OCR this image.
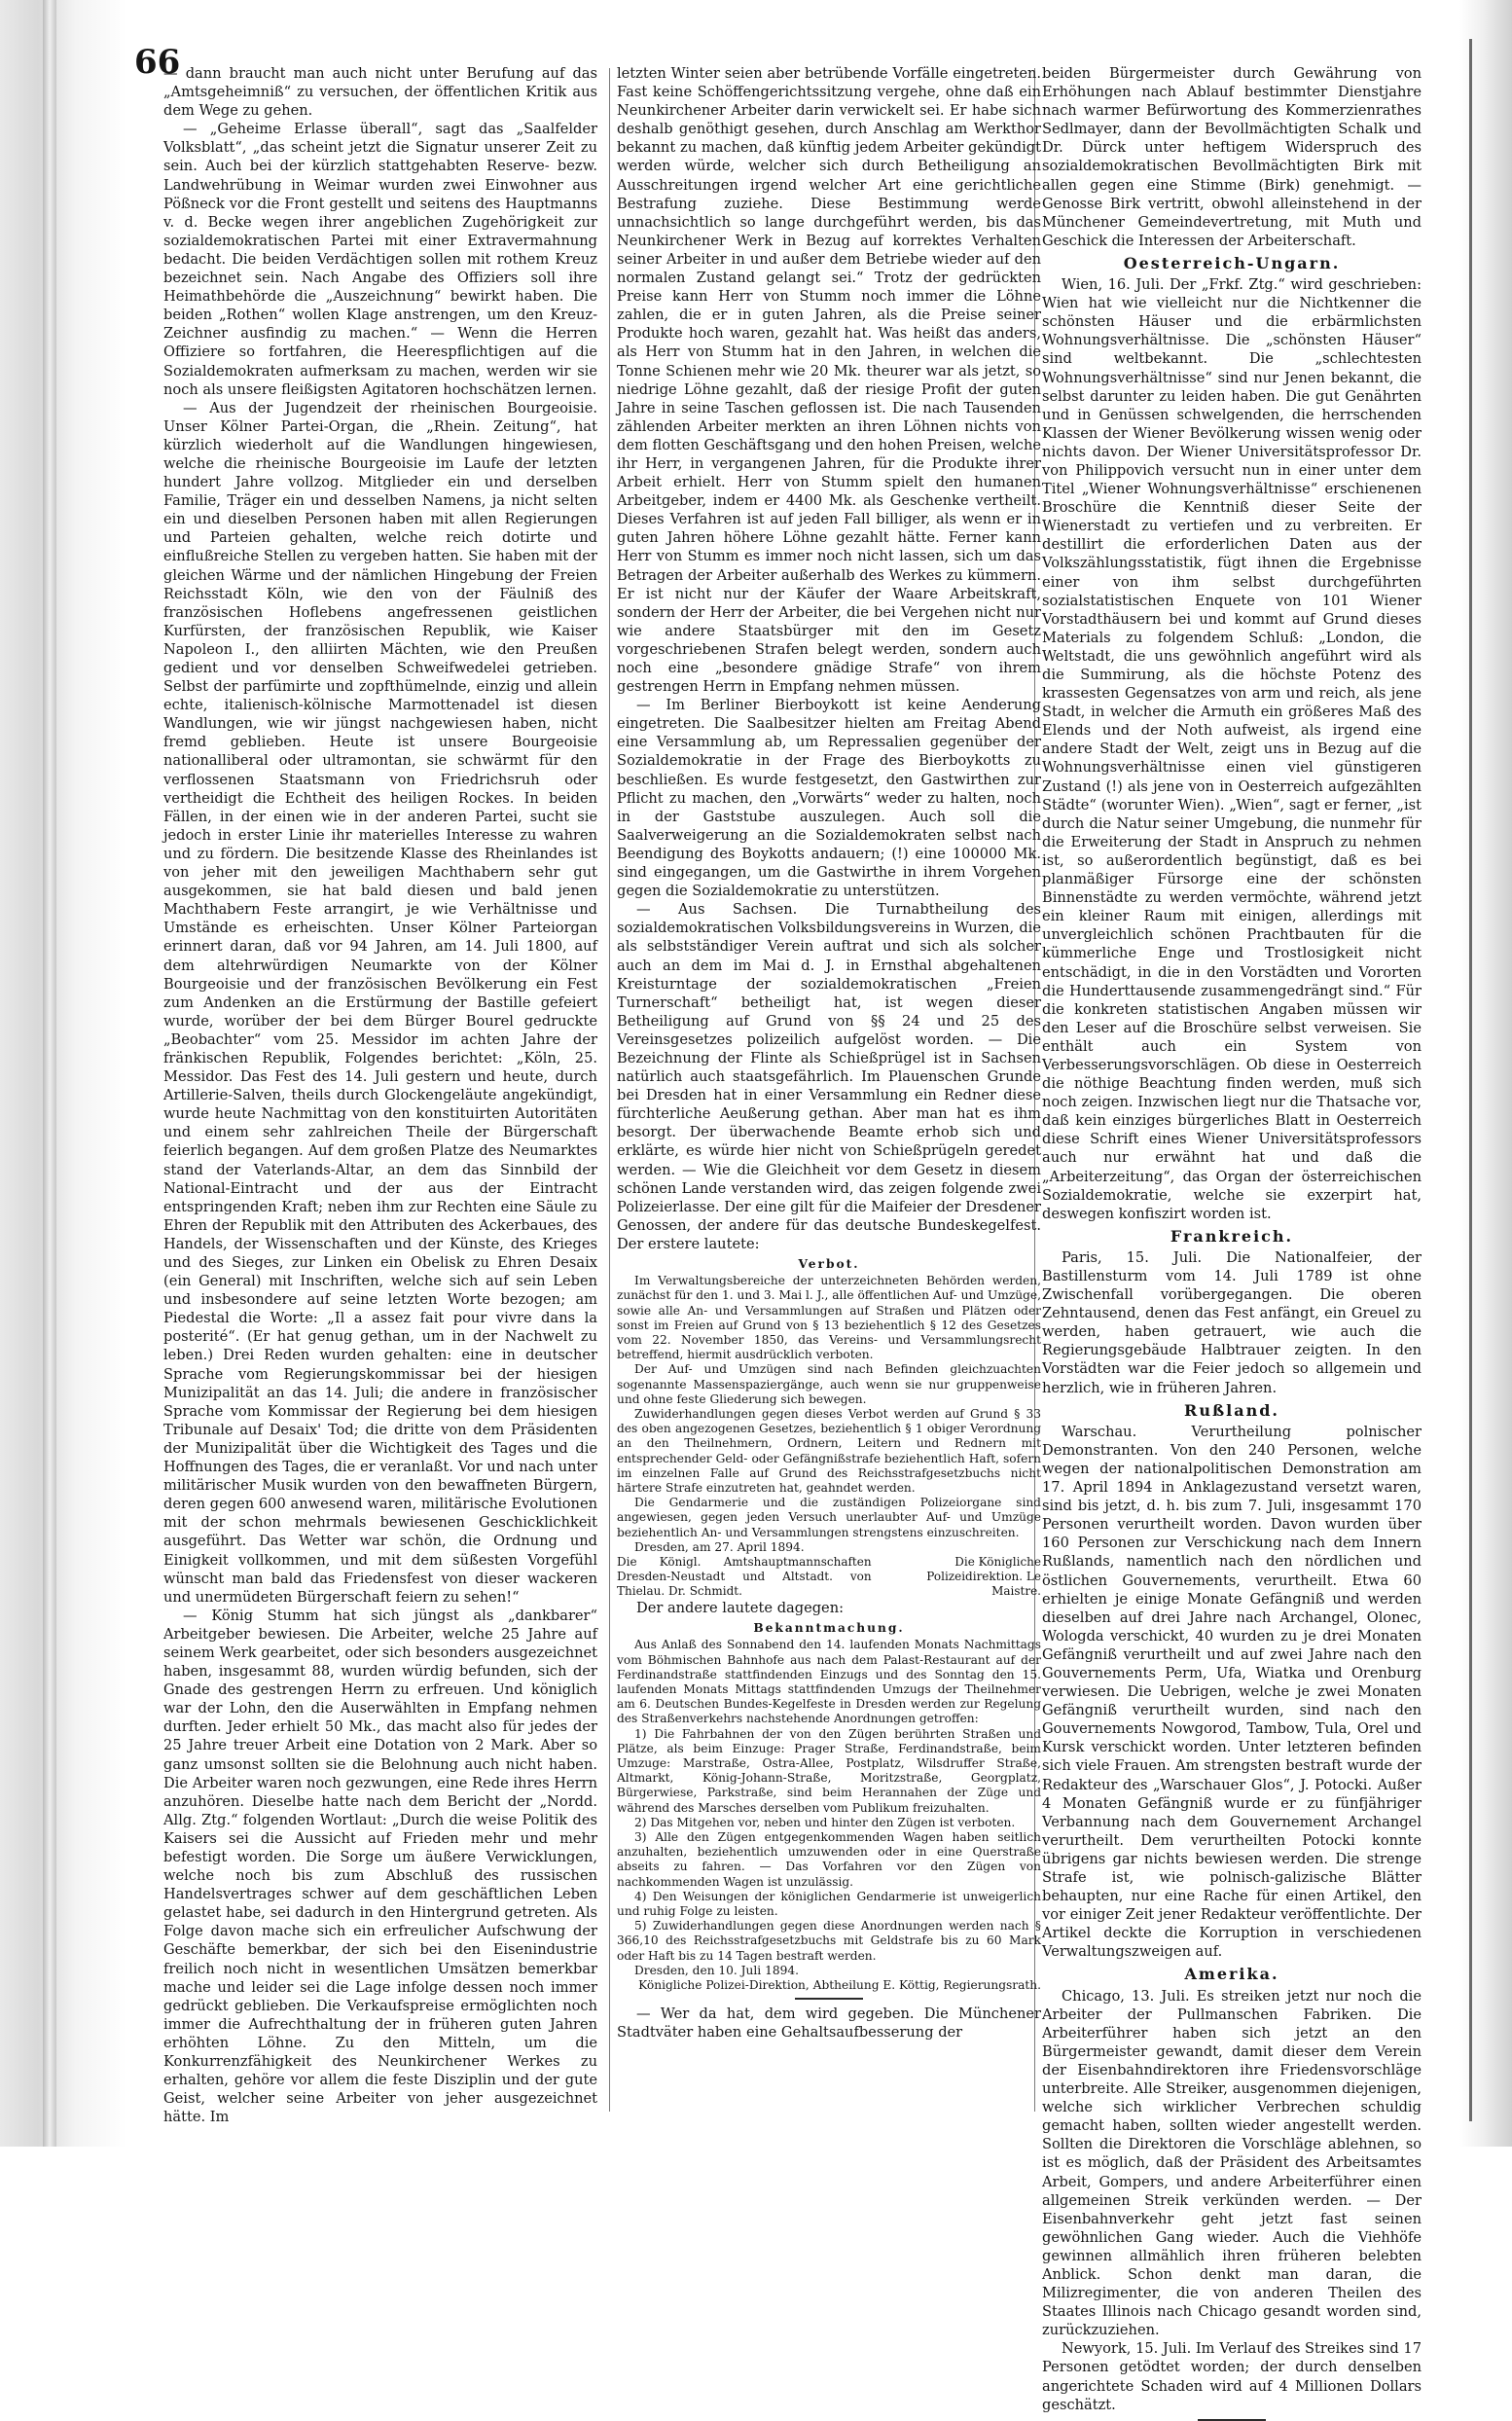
66

— dann braucht man auch nicht unter Berufung auf das „Amtsgeheimniß“ zu versuchen, der öffentlichen Kritik aus dem Wege zu gehen.

— „Geheime Erlasse überall“, sagt das „Saalfelder Volksblatt“, „das scheint jetzt die Signatur unserer Zeit zu sein. Auch bei der kürzlich stattgehabten Reserve- bezw. Landwehrübung in Weimar wurden zwei Einwohner aus Pößneck vor die Front gestellt und seitens des Hauptmanns v. d. Becke wegen ihrer angeblichen Zugehörigkeit zur sozialdemokratischen Partei mit einer Extravermahnung bedacht. Die beiden Verdächtigen sollen mit rothem Kreuz bezeichnet sein. Nach Angabe des Offiziers soll ihre Heimathbehörde die „Auszeichnung“ bewirkt haben. Die beiden „Rothen“ wollen Klage anstrengen, um den Kreuz-Zeichner ausfindig zu machen.“ — Wenn die Herren Offiziere so fortfahren, die Heerespflichtigen auf die Sozialdemokraten aufmerksam zu machen, werden wir sie noch als unsere fleißigsten Agitatoren hochschätzen lernen.

— Aus der Jugendzeit der rheinischen Bourgeoisie. Unser Kölner Partei-Organ, die „Rhein. Zeitung“, hat kürzlich wiederholt auf die Wandlungen hingewiesen, welche die rheinische Bourgeoisie im Laufe der letzten hundert Jahre vollzog. Mitglieder ein und derselben Familie, Träger ein und desselben Namens, ja nicht selten ein und dieselben Personen haben mit allen Regierungen und Parteien gehalten, welche reich dotirte und einflußreiche Stellen zu vergeben hatten. Sie haben mit der gleichen Wärme und der nämlichen Hingebung der Freien Reichsstadt Köln, wie den von der Fäulniß des französischen Hoflebens angefressenen geistlichen Kurfürsten, der französischen Republik, wie Kaiser Napoleon I., den alliirten Mächten, wie den Preußen gedient und vor denselben Schweifwedelei getrieben. Selbst der parfümirte und zopfthümelnde, einzig und allein echte, italienisch-kölnische Marmottenadel ist diesen Wandlungen, wie wir jüngst nachgewiesen haben, nicht fremd geblieben. Heute ist unsere Bourgeoisie nationalliberal oder ultramontan, sie schwärmt für den verflossenen Staatsmann von Friedrichsruh oder vertheidigt die Echtheit des heiligen Rockes. In beiden Fällen, in der einen wie in der anderen Partei, sucht sie jedoch in erster Linie ihr materielles Interesse zu wahren und zu fördern. Die besitzende Klasse des Rheinlandes ist von jeher mit den jeweiligen Machthabern sehr gut ausgekommen, sie hat bald diesen und bald jenen Machthabern Feste arrangirt, je wie Verhältnisse und Umstände es erheischten. Unser Kölner Parteiorgan erinnert daran, daß vor 94 Jahren, am 14. Juli 1800, auf dem altehrwürdigen Neumarkte von der Kölner Bourgeoisie und der französischen Bevölkerung ein Fest zum Andenken an die Erstürmung der Bastille gefeiert wurde, worüber der bei dem Bürger Bourel gedruckte „Beobachter“ vom 25. Messidor im achten Jahre der fränkischen Republik, Folgendes berichtet: „Köln, 25. Messidor. Das Fest des 14. Juli gestern und heute, durch Artillerie-Salven, theils durch Glockengeläute angekündigt, wurde heute Nachmittag von den konstituirten Autoritäten und einem sehr zahlreichen Theile der Bürgerschaft feierlich begangen. Auf dem großen Platze des Neumarktes stand der Vaterlands-Altar, an dem das Sinnbild der National-Eintracht und der aus der Eintracht entspringenden Kraft; neben ihm zur Rechten eine Säule zu Ehren der Republik mit den Attributen des Ackerbaues, des Handels, der Wissenschaften und der Künste, des Krieges und des Sieges, zur Linken ein Obelisk zu Ehren Desaix (ein General) mit Inschriften, welche sich auf sein Leben und insbesondere auf seine letzten Worte bezogen; am Piedestal die Worte: „Il a assez fait pour vivre dans la posterité“. (Er hat genug gethan, um in der Nachwelt zu leben.) Drei Reden wurden gehalten: eine in deutscher Sprache vom Regierungskommissar bei der hiesigen Munizipalität an das 14. Juli; die andere in französischer Sprache vom Kommissar der Regierung bei dem hiesigen Tribunale auf Desaix' Tod; die dritte von dem Präsidenten der Munizipalität über die Wichtigkeit des Tages und die Hoffnungen des Tages, die er veranlaßt. Vor und nach unter militärischer Musik wurden von den bewaffneten Bürgern, deren gegen 600 anwesend waren, militärische Evolutionen mit der schon mehrmals bewiesenen Geschicklichkeit ausgeführt. Das Wetter war schön, die Ordnung und Einigkeit vollkommen, und mit dem süßesten Vorgefühl wünscht man bald das Friedensfest von dieser wackeren und unermüdeten Bürgerschaft feiern zu sehen!“

— König Stumm hat sich jüngst als „dankbarer“ Arbeitgeber bewiesen. Die Arbeiter, welche 25 Jahre auf seinem Werk gearbeitet, oder sich besonders ausgezeichnet haben, insgesammt 88, wurden würdig befunden, sich der Gnade des gestrengen Herrn zu erfreuen. Und königlich war der Lohn, den die Auserwählten in Empfang nehmen durften. Jeder erhielt 50 Mk., das macht also für jedes der 25 Jahre treuer Arbeit eine Dotation von 2 Mark. Aber so ganz umsonst sollten sie die Belohnung auch nicht haben. Die Arbeiter waren noch gezwungen, eine Rede ihres Herrn anzuhören. Dieselbe hatte nach dem Bericht der „Nordd. Allg. Ztg.“ folgenden Wortlaut: „Durch die weise Politik des Kaisers sei die Aussicht auf Frieden mehr und mehr befestigt worden. Die Sorge um äußere Verwicklungen, welche noch bis zum Abschluß des russischen Handelsvertrages schwer auf dem geschäftlichen Leben gelastet habe, sei dadurch in den Hintergrund getreten. Als Folge davon mache sich ein erfreulicher Aufschwung der Geschäfte bemerkbar, der sich bei den Eisenindustrie freilich noch nicht in wesentlichen Umsätzen bemerkbar mache und leider sei die Lage infolge dessen noch immer gedrückt geblieben. Die Verkaufspreise ermöglichten noch immer die Aufrechthaltung der in früheren guten Jahren erhöhten Löhne. Zu den Mitteln, um die Konkurrenzfähigkeit des Neunkirchener Werkes zu erhalten, gehöre vor allem die feste Disziplin und der gute Geist, welcher seine Arbeiter von jeher ausgezeichnet hätte. Im

letzten Winter seien aber betrübende Vorfälle eingetreten. Fast keine Schöffengerichtssitzung vergehe, ohne daß ein Neunkirchener Arbeiter darin verwickelt sei. Er habe sich deshalb genöthigt gesehen, durch Anschlag am Werkthor bekannt zu machen, daß künftig jedem Arbeiter gekündigt werden würde, welcher sich durch Betheiligung an Ausschreitungen irgend welcher Art eine gerichtliche Bestrafung zuziehe. Diese Bestimmung werde unnachsichtlich so lange durchgeführt werden, bis das Neunkirchener Werk in Bezug auf korrektes Verhalten seiner Arbeiter in und außer dem Betriebe wieder auf den normalen Zustand gelangt sei.“ Trotz der gedrückten Preise kann Herr von Stumm noch immer die Löhne zahlen, die er in guten Jahren, als die Preise seiner Produkte hoch waren, gezahlt hat. Was heißt das anders, als Herr von Stumm hat in den Jahren, in welchen die Tonne Schienen mehr wie 20 Mk. theurer war als jetzt, so niedrige Löhne gezahlt, daß der riesige Profit der guten Jahre in seine Taschen geflossen ist. Die nach Tausenden zählenden Arbeiter merkten an ihren Löhnen nichts von dem flotten Geschäftsgang und den hohen Preisen, welche ihr Herr, in vergangenen Jahren, für die Produkte ihrer Arbeit erhielt. Herr von Stumm spielt den humanen Arbeitgeber, indem er 4400 Mk. als Geschenke vertheilt. Dieses Verfahren ist auf jeden Fall billiger, als wenn er in guten Jahren höhere Löhne gezahlt hätte. Ferner kann Herr von Stumm es immer noch nicht lassen, sich um das Betragen der Arbeiter außerhalb des Werkes zu kümmern. Er ist nicht nur der Käufer der Waare Arbeitskraft, sondern der Herr der Arbeiter, die bei Vergehen nicht nur wie andere Staatsbürger mit den im Gesetz vorgeschriebenen Strafen belegt werden, sondern auch noch eine „besondere gnädige Strafe“ von ihrem gestrengen Herrn in Empfang nehmen müssen.

— Im Berliner Bierboykott ist keine Aenderung eingetreten. Die Saalbesitzer hielten am Freitag Abend eine Versammlung ab, um Repressalien gegenüber der Sozialdemokratie in der Frage des Bierboykotts zu beschließen. Es wurde festgesetzt, den Gastwirthen zur Pflicht zu machen, den „Vorwärts“ weder zu halten, noch in der Gaststube auszulegen. Auch soll die Saalverweigerung an die Sozialdemokraten selbst nach Beendigung des Boykotts andauern; (!) eine 100000 Mk. sind eingegangen, um die Gastwirthe in ihrem Vorgehen gegen die Sozialdemokratie zu unterstützen.

— Aus Sachsen. Die Turnabtheilung des sozialdemokratischen Volksbildungsvereins in Wurzen, die als selbstständiger Verein auftrat und sich als solcher auch an dem im Mai d. J. in Ernsthal abgehaltenen Kreisturntage der sozialdemokratischen „Freien Turnerschaft“ betheiligt hat, ist wegen dieser Betheiligung auf Grund von §§ 24 und 25 des Vereinsgesetzes polizeilich aufgelöst worden. — Die Bezeichnung der Flinte als Schießprügel ist in Sachsen natürlich auch staatsgefährlich. Im Plauenschen Grunde bei Dresden hat in einer Versammlung ein Redner diese fürchterliche Aeußerung gethan. Aber man hat es ihm besorgt. Der überwachende Beamte erhob sich und erklärte, es würde hier nicht von Schießprügeln geredet werden. — Wie die Gleichheit vor dem Gesetz in diesem schönen Lande verstanden wird, das zeigen folgende zwei Polizeierlasse. Der eine gilt für die Maifeier der Dresdener Genossen, der andere für das deutsche Bundeskegelfest. Der erstere lautete:

Verbot.

Im Verwaltungsbereiche der unterzeichneten Behörden werden, zunächst für den 1. und 3. Mai l. J., alle öffentlichen Auf- und Umzüge, sowie alle An- und Versammlungen auf Straßen und Plätzen oder sonst im Freien auf Grund von § 13 beziehentlich § 12 des Gesetzes vom 22. November 1850, das Vereins- und Versammlungsrecht betreffend, hiermit ausdrücklich verboten.

Der Auf- und Umzügen sind nach Befinden gleichzuachten sogenannte Massenspaziergänge, auch wenn sie nur gruppenweise und ohne feste Gliederung sich bewegen.

Zuwiderhandlungen gegen dieses Verbot werden auf Grund § 33 des oben angezogenen Gesetzes, beziehentlich § 1 obiger Verordnung an den Theilnehmern, Ordnern, Leitern und Rednern mit entsprechender Geld- oder Gefängnißstrafe beziehentlich Haft, sofern im einzelnen Falle auf Grund des Reichsstrafgesetzbuchs nicht härtere Strafe einzutreten hat, geahndet werden.

Die Gendarmerie und die zuständigen Polizeiorgane sind angewiesen, gegen jeden Versuch unerlaubter Auf- und Umzüge beziehentlich An- und Versammlungen strengstens einzuschreiten.

Dresden, am 27. April 1894.

Die Königl. Amtshauptmannschaften Dresden-Neustadt und Altstadt. von Thielau. Dr. Schmidt.
Die Königliche Polizeidirektion. Le Maistre.

Der andere lautete dagegen:

Bekanntmachung.

Aus Anlaß des Sonnabend den 14. laufenden Monats Nachmittags vom Böhmischen Bahnhofe aus nach dem Palast-Restaurant auf der Ferdinandstraße stattfindenden Einzugs und des Sonntag den 15. laufenden Monats Mittags stattfindenden Umzugs der Theilnehmer am 6. Deutschen Bundes-Kegelfeste in Dresden werden zur Regelung des Straßenverkehrs nachstehende Anordnungen getroffen:

1) Die Fahrbahnen der von den Zügen berührten Straßen und Plätze, als beim Einzuge: Prager Straße, Ferdinandstraße, beim Umzuge: Marstraße, Ostra-Allee, Postplatz, Wilsdruffer Straße, Altmarkt, König-Johann-Straße, Moritzstraße, Georgplatz, Bürgerwiese, Parkstraße, sind beim Herannahen der Züge und während des Marsches derselben vom Publikum freizuhalten.

2) Das Mitgehen vor, neben und hinter den Zügen ist verboten.

3) Alle den Zügen entgegenkommenden Wagen haben seitlich anzuhalten, beziehentlich umzuwenden oder in eine Querstraße abseits zu fahren. — Das Vorfahren vor den Zügen von nachkommenden Wagen ist unzulässig.

4) Den Weisungen der königlichen Gendarmerie ist unweigerlich und ruhig Folge zu leisten.

5) Zuwiderhandlungen gegen diese Anordnungen werden nach § 366,10 des Reichsstrafgesetzbuchs mit Geldstrafe bis zu 60 Mark oder Haft bis zu 14 Tagen bestraft werden.

Dresden, den 10. Juli 1894.

Königliche Polizei-Direktion, Abtheilung E. Köttig, Regierungsrath.

— Wer da hat, dem wird gegeben. Die Münchener Stadtväter haben eine Gehaltsaufbesserung der

beiden Bürgermeister durch Gewährung von Erhöhungen nach Ablauf bestimmter Dienstjahre nach warmer Befürwortung des Kommerzienrathes Sedlmayer, dann der Bevollmächtigten Schalk und Dr. Dürck unter heftigem Widerspruch des sozialdemokratischen Bevollmächtigten Birk mit allen gegen eine Stimme (Birk) genehmigt. — Genosse Birk vertritt, obwohl alleinstehend in der Münchener Gemeindevertretung, mit Muth und Geschick die Interessen der Arbeiterschaft.

Oesterreich-Ungarn.

Wien, 16. Juli. Der „Frkf. Ztg.“ wird geschrieben: Wien hat wie vielleicht nur die Nichtkenner die schönsten Häuser und die erbärmlichsten Wohnungsverhältnisse. Die „schönsten Häuser“ sind weltbekannt. Die „schlechtesten Wohnungsverhältnisse“ sind nur Jenen bekannt, die selbst darunter zu leiden haben. Die gut Genährten und in Genüssen schwelgenden, die herrschenden Klassen der Wiener Bevölkerung wissen wenig oder nichts davon. Der Wiener Universitätsprofessor Dr. von Philippovich versucht nun in einer unter dem Titel „Wiener Wohnungsverhältnisse“ erschienenen Broschüre die Kenntniß dieser Seite der Wienerstadt zu vertiefen und zu verbreiten. Er destillirt die erforderlichen Daten aus der Volkszählungsstatistik, fügt ihnen die Ergebnisse einer von ihm selbst durchgeführten sozialstatistischen Enquete von 101 Wiener Vorstadthäusern bei und kommt auf Grund dieses Materials zu folgendem Schluß: „London, die Weltstadt, die uns gewöhnlich angeführt wird als die Summirung, als die höchste Potenz des krassesten Gegensatzes von arm und reich, als jene Stadt, in welcher die Armuth ein größeres Maß des Elends und der Noth aufweist, als irgend eine andere Stadt der Welt, zeigt uns in Bezug auf die Wohnungsverhältnisse einen viel günstigeren Zustand (!) als jene von in Oesterreich aufgezählten Städte“ (worunter Wien). „Wien“, sagt er ferner, „ist durch die Natur seiner Umgebung, die nunmehr für die Erweiterung der Stadt in Anspruch zu nehmen ist, so außerordentlich begünstigt, daß es bei planmäßiger Fürsorge eine der schönsten Binnenstädte zu werden vermöchte, während jetzt ein kleiner Raum mit einigen, allerdings mit unvergleichlich schönen Prachtbauten für die kümmerliche Enge und Trostlosigkeit nicht entschädigt, in die in den Vorstädten und Vororten die Hunderttausende zusammengedrängt sind.“ Für die konkreten statistischen Angaben müssen wir den Leser auf die Broschüre selbst verweisen. Sie enthält auch ein System von Verbesserungsvorschlägen. Ob diese in Oesterreich die nöthige Beachtung finden werden, muß sich noch zeigen. Inzwischen liegt nur die Thatsache vor, daß kein einziges bürgerliches Blatt in Oesterreich diese Schrift eines Wiener Universitätsprofessors auch nur erwähnt hat und daß die „Arbeiterzeitung“, das Organ der österreichischen Sozialdemokratie, welche sie exzerpirt hat, deswegen konfiszirt worden ist.

Frankreich.

Paris, 15. Juli. Die Nationalfeier, der Bastillensturm vom 14. Juli 1789 ist ohne Zwischenfall vorübergegangen. Die oberen Zehntausend, denen das Fest anfängt, ein Greuel zu werden, haben getrauert, wie auch die Regierungsgebäude Halbtrauer zeigten. In den Vorstädten war die Feier jedoch so allgemein und herzlich, wie in früheren Jahren.

Rußland.

Warschau. Verurtheilung polnischer Demonstranten. Von den 240 Personen, welche wegen der nationalpolitischen Demonstration am 17. April 1894 in Anklagezustand versetzt waren, sind bis jetzt, d. h. bis zum 7. Juli, insgesammt 170 Personen verurtheilt worden. Davon wurden über 160 Personen zur Verschickung nach dem Innern Rußlands, namentlich nach den nördlichen und östlichen Gouvernements, verurtheilt. Etwa 60 erhielten je einige Monate Gefängniß und werden dieselben auf drei Jahre nach Archangel, Olonec, Wologda verschickt, 40 wurden zu je drei Monaten Gefängniß verurtheilt und auf zwei Jahre nach den Gouvernements Perm, Ufa, Wiatka und Orenburg verwiesen. Die Uebrigen, welche je zwei Monaten Gefängniß verurtheilt wurden, sind nach den Gouvernements Nowgorod, Tambow, Tula, Orel und Kursk verschickt worden. Unter letzteren befinden sich viele Frauen. Am strengsten bestraft wurde der Redakteur des „Warschauer Glos“, J. Potocki. Außer 4 Monaten Gefängniß wurde er zu fünfjähriger Verbannung nach dem Gouvernement Archangel verurtheilt. Dem verurtheilten Potocki konnte übrigens gar nichts bewiesen werden. Die strenge Strafe ist, wie polnisch-galizische Blätter behaupten, nur eine Rache für einen Artikel, den vor einiger Zeit jener Redakteur veröffentlichte. Der Artikel deckte die Korruption in verschiedenen Verwaltungszweigen auf.

Amerika.

Chicago, 13. Juli. Es streiken jetzt nur noch die Arbeiter der Pullmanschen Fabriken. Die Arbeiterführer haben sich jetzt an den Bürgermeister gewandt, damit dieser dem Verein der Eisenbahndirektoren ihre Friedensvorschläge unterbreite. Alle Streiker, ausgenommen diejenigen, welche sich wirklicher Verbrechen schuldig gemacht haben, sollten wieder angestellt werden. Sollten die Direktoren die Vorschläge ablehnen, so ist es möglich, daß der Präsident des Arbeitsamtes Arbeit, Gompers, und andere Arbeiterführer einen allgemeinen Streik verkünden werden. — Der Eisenbahnverkehr geht jetzt fast seinen gewöhnlichen Gang wieder. Auch die Viehhöfe gewinnen allmählich ihren früheren belebten Anblick. Schon denkt man daran, die Milizregimenter, die von anderen Theilen des Staates Illinois nach Chicago gesandt worden sind, zurückzuziehen.

Newyork, 15. Juli. Im Verlauf des Streikes sind 17 Personen getödtet worden; der durch denselben angerichtete Schaden wird auf 4 Millionen Dollars geschätzt.
